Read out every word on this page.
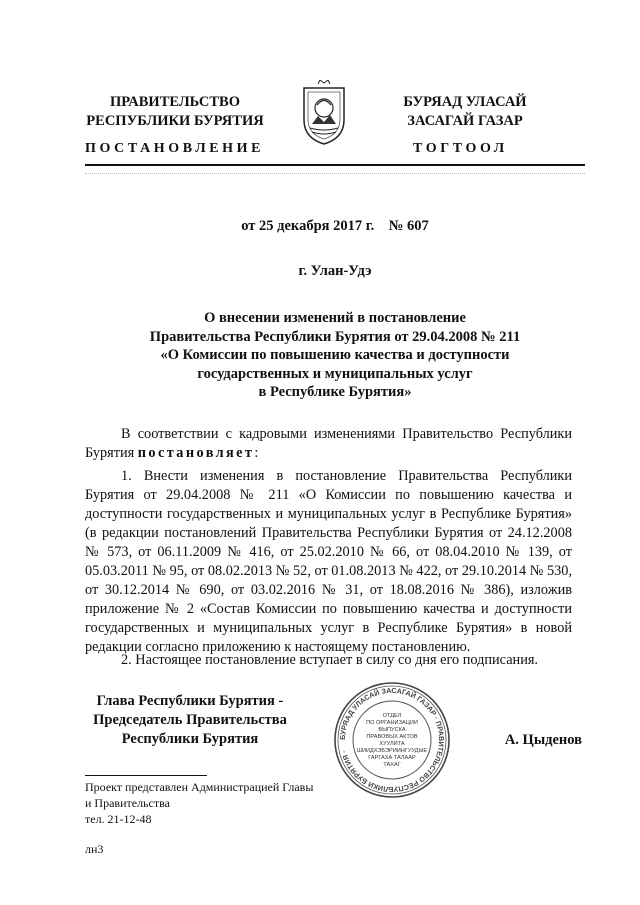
ПРАВИТЕЛЬСТВО
РЕСПУБЛИКИ БУРЯТИЯ
БУРЯАД УЛАСАЙ
ЗАСАГАЙ ГАЗАР
ПОСТАНОВЛЕНИЕ	ТОГТООЛ
от 25 декабря 2017 г.    № 607
г. Улан-Удэ
О внесении изменений в постановление
Правительства Республики Бурятия от 29.04.2008 № 211
«О Комиссии по повышению качества и доступности
государственных и муниципальных услуг
в Республике Бурятия»
В соответствии с кадровыми изменениями Правительство Республики Бурятия постановляет:
1. Внести изменения в постановление Правительства Республики Бурятия от 29.04.2008 № 211 «О Комиссии по повышению качества и доступности государственных и муниципальных услуг в Республике Бурятия» (в редакции постановлений Правительства Республики Бурятия от 24.12.2008 № 573, от 06.11.2009 № 416, от 25.02.2010 № 66, от 08.04.2010 № 139, от 05.03.2011 № 95, от 08.02.2013 № 52, от 01.08.2013 № 422, от 29.10.2014 № 530, от 30.12.2014 № 690, от 03.02.2016 № 31, от 18.08.2016 № 386), изложив приложение № 2 «Состав Комиссии по повышению качества и доступности государственных и муниципальных услуг в Республике Бурятия» в новой редакции согласно приложению к настоящему постановлению.
2. Настоящее постановление вступает в силу со дня его подписания.
Глава Республики Бурятия -
Председатель Правительства
Республики Бурятия	БУРЯАД УЛАСАЙ ЗАСАГАЙ ГАЗАР · ПРАВИТЕЛЬСТВО РЕСПУБЛИКИ БУРЯТИЯ ·
ОТДЕЛ
ПО ОРГАНИЗАЦИИ
ВЫПУСКА
ПРАВОВЫХ АКТОВ
ХУУЛИТА
ШИИДХЭБЭРИИНГУУДЫЕ
ГАРГАХА ТАЛААР
ТАХАГ
А. Цыденов
Проект представлен Администрацией Главы
и Правительства
тел. 21-12-48
лн3
